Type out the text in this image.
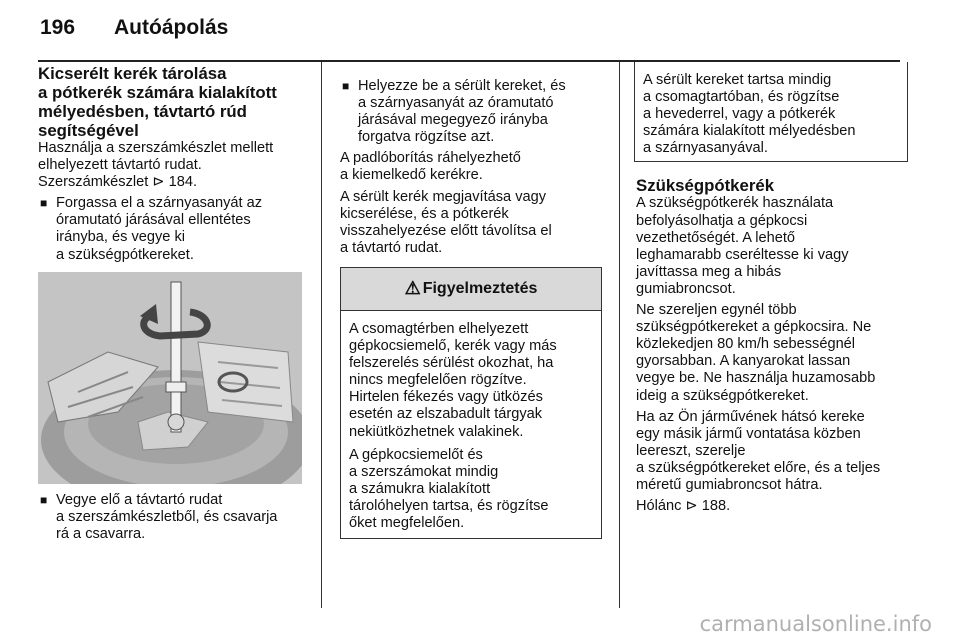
196 Autóápolás
Kicserélt kerék tárolása
a pótkerék számára kialakított
mélyedésben, távtartó rúd
segítségével

Használja a szerszámkészlet mellett
elhelyezett távtartó rudat.
Szerszámkészlet ⊳ 184.

■ Forgassa el a szárnyasanyát az
óramutató járásával ellentétes
irányba, és vegye ki
a szükségpótkereket.
■ Vegye elő a távtartó rudat
a szerszámkészletből, és csavarja
rá a csavarra.
■ Helyezze be a sérült kereket, és
a szárnyasanyát az óramutató
járásával megegyező irányba
forgatva rögzítse azt.

A padlóborítás ráhelyezhető
a kiemelkedő kerékre.

A sérült kerék megjavítása vagy
kicserélése, és a pótkerék
visszahelyezése előtt távolítsa el
a távtartó rudat.

⚠ Figyelmeztetés

A csomagtérben elhelyezett
gépkocsiemelő, kerék vagy más
felszerelés sérülést okozhat, ha
nincs megfelelően rögzítve.
Hirtelen fékezés vagy ütközés
esetén az elszabadult tárgyak
nekiütközhetnek valakinek.

A gépkocsiemelőt és
a szerszámokat mindig
a számukra kialakított
tárolóhelyen tartsa, és rögzítse
őket megfelelően.

A sérült kereket tartsa mindig
a csomagtartóban, és rögzítse
a hevederrel, vagy a pótkerék
számára kialakított mélyedésben
a szárnyasanyával.
Szükségpótkerék

A szükségpótkerék használata
befolyásolhatja a gépkocsi
vezethetőségét. A lehető
leghamarabb cseréltesse ki vagy
javíttassa meg a hibás
gumiabroncsot.

Ne szereljen egynél több
szükségpótkereket a gépkocsira. Ne
közlekedjen 80 km/h sebességnél
gyorsabban. A kanyarokat lassan
vegye be. Ne használja huzamosabb
ideig a szükségpótkereket.

Ha az Ön járművének hátsó kereke
egy másik jármű vontatása közben
leereszt, szerelje
a szükségpótkereket előre, és a teljes
méretű gumiabroncsot hátra.

Hólánc ⊳ 188.

carmanualsonline.info
